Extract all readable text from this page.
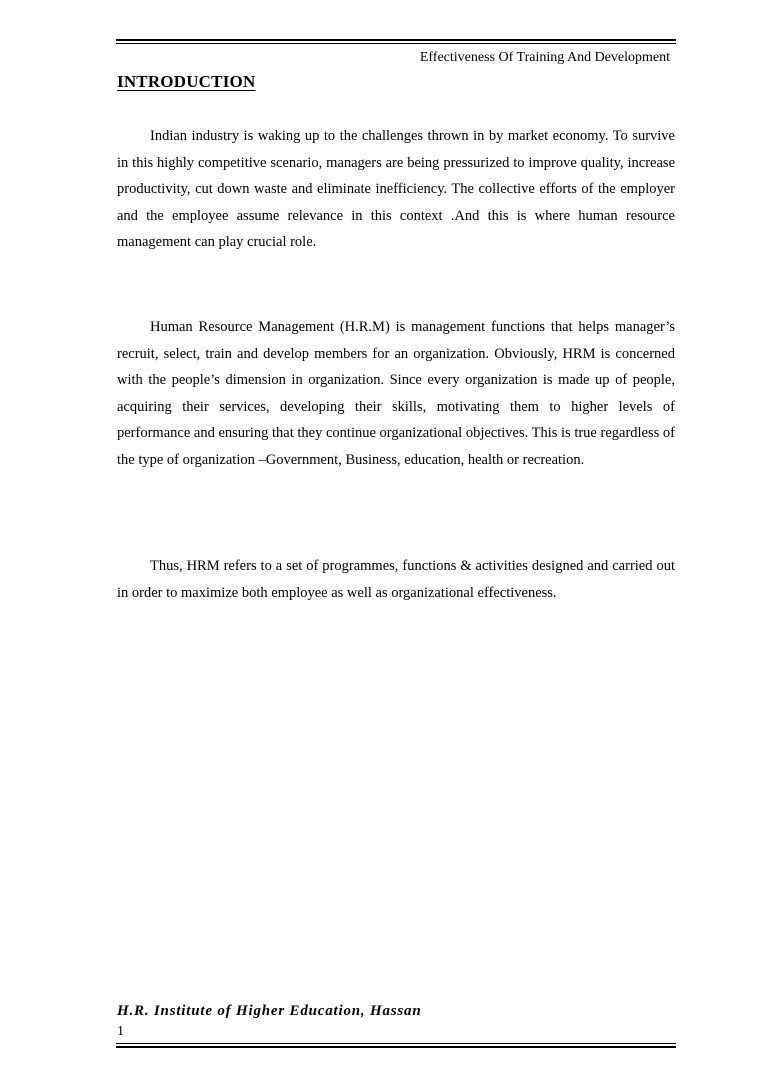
Effectiveness Of Training And Development
INTRODUCTION

Indian industry is waking up to the challenges thrown in by market economy. To survive in this highly competitive scenario, managers are being pressurized to improve quality, increase productivity, cut down waste and eliminate inefficiency. The collective efforts of the employer and the employee assume relevance in this context .And this is where human resource management can play crucial role.

Human Resource Management (H.R.M) is management functions that helps manager’s recruit, select, train and develop members for an organization. Obviously, HRM is concerned with the people’s dimension in organization. Since every organization is made up of people, acquiring their services, developing their skills, motivating them to higher levels of performance and ensuring that they continue organizational objectives. This is true regardless of the type of organization –Government, Business, education, health or recreation.

Thus, HRM refers to a set of programmes, functions & activities designed and carried out in order to maximize both employee as well as organizational effectiveness.

H.R. Institute of Higher Education, Hassan
1
